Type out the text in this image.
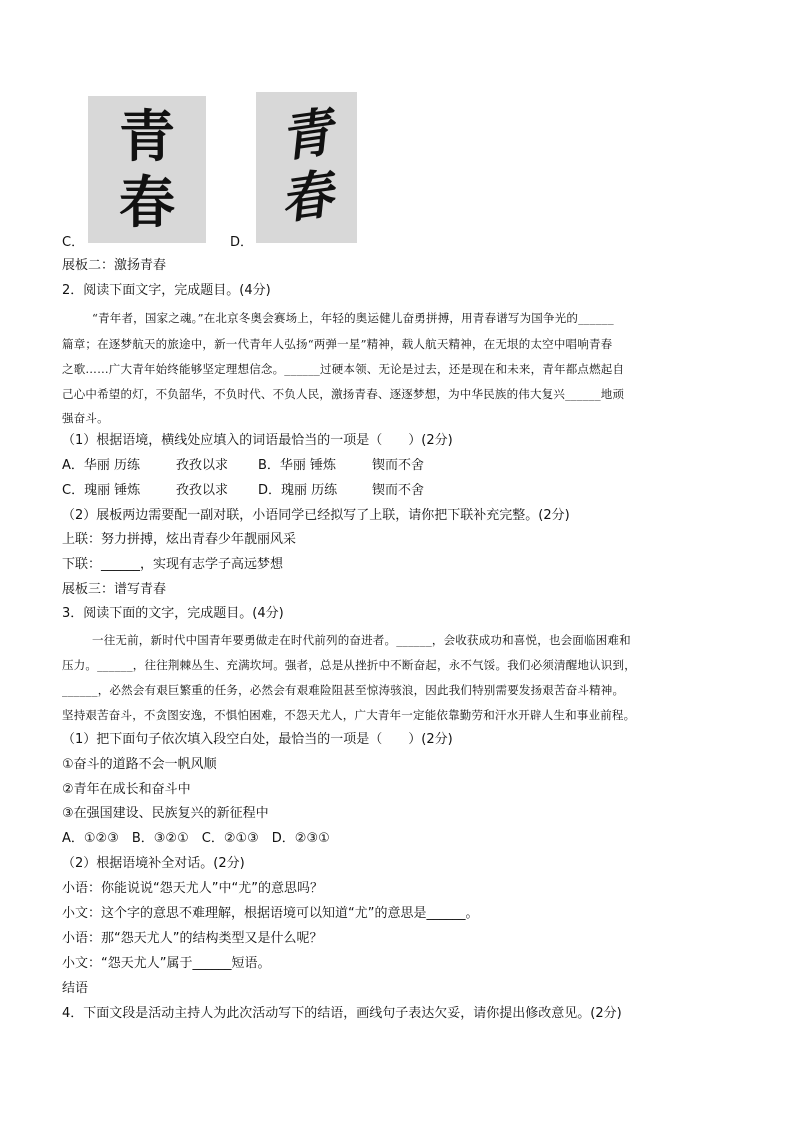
C．
青
春
D．
青
春
展板二：激扬青春
2．阅读下面文字，完成题目。(4分)
“青年者，国家之魂。”在北京冬奥会赛场上，年轻的奥运健儿奋勇拼搏，用青春谱写为国争光的______
篇章；在逐梦航天的旅途中，新一代青年人弘扬“两弹一星”精神，载人航天精神，在无垠的太空中唱响青春
之歌……广大青年始终能够坚定理想信念。______过硬本领、无论是过去，还是现在和未来，青年都点燃起自
己心中希望的灯，不负韶华，不负时代、不负人民，激扬青春、逐逐梦想，为中华民族的伟大复兴______地顽
强奋斗。
（1）根据语境，横线处应填入的词语最恰当的一项是（　　）(2分)
A．华丽 历练	孜孜以求 B．华丽 锤炼	锲而不舍
C．瑰丽 锤炼	孜孜以求 D．瑰丽 历练	锲而不舍
（2）展板两边需要配一副对联，小语同学已经拟写了上联，请你把下联补充完整。(2分)
上联：努力拼搏，炫出青春少年靓丽风采
下联：______，实现有志学子高远梦想
展板三：谱写青春
3．阅读下面的文字，完成题目。(4分)
一往无前，新时代中国青年要勇做走在时代前列的奋进者。______，会收获成功和喜悦，也会面临困难和
压力。______，往往荆棘丛生、充满坎坷。强者，总是从挫折中不断奋起，永不气馁。我们必须清醒地认识到，
______，必然会有艰巨繁重的任务，必然会有艰难险阻甚至惊涛骇浪，因此我们特别需要发扬艰苦奋斗精神。
坚持艰苦奋斗，不贪图安逸，不惧怕困难，不怨天尤人，广大青年一定能依靠勤劳和汗水开辟人生和事业前程。
（1）把下面句子依次填入段空白处，最恰当的一项是（　　）(2分)
①奋斗的道路不会一帆风顺
②青年在成长和奋斗中
③在强国建设、民族复兴的新征程中
A．①②③　B．③②①　C．②①③　D．②③①
（2）根据语境补全对话。(2分)
小语：你能说说“怨天尤人”中“尤”的意思吗？
小文：这个字的意思不难理解，根据语境可以知道“尤”的意思是______。
小语：那“怨天尤人”的结构类型又是什么呢？
小文：“怨天尤人”属于______短语。
结语
4．下面文段是活动主持人为此次活动写下的结语，画线句子表达欠妥，请你提出修改意见。(2分)
